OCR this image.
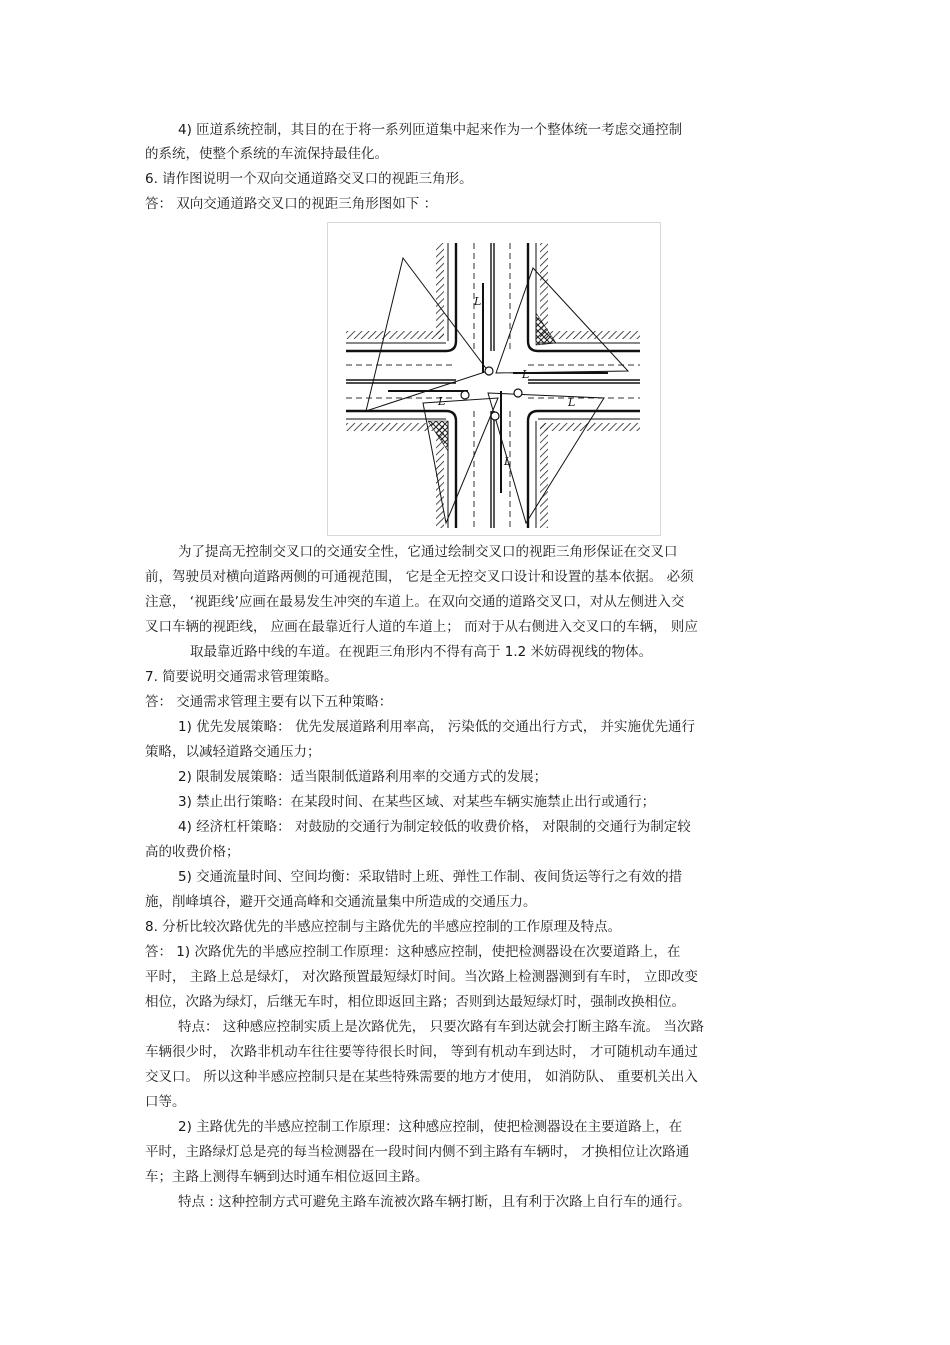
4) 匝道系统控制，其目的在于将一系列匝道集中起来作为一个整体统一考虑交通控制
的系统，使整个系统的车流保持最佳化。
6. 请作图说明一个双向交通道路交叉口的视距三角形。
答： 双向交通道路交叉口的视距三角形图如下 ：
L
L
L	L
L
为了提高无控制交叉口的交通安全性，它通过绘制交叉口的视距三角形保证在交叉口
前，驾驶员对横向道路两侧的可通视范围， 它是全无控交叉口设计和设置的基本依据。 必须
注意， ‘视距线’应画在最易发生冲突的车道上。在双向交通的道路交叉口，对从左侧进入交
叉口车辆的视距线， 应画在最靠近行人道的车道上； 而对于从右侧进入交叉口的车辆， 则应
取最靠近路中线的车道。在视距三角形内不得有高于 1.2 米妨碍视线的物体。
7. 简要说明交通需求管理策略。
答： 交通需求管理主要有以下五种策略：
1) 优先发展策略： 优先发展道路利用率高， 污染低的交通出行方式， 并实施优先通行
策略，以减轻道路交通压力；
2) 限制发展策略：适当限制低道路利用率的交通方式的发展；
3) 禁止出行策略：在某段时间、在某些区域、对某些车辆实施禁止出行或通行；
4) 经济杠杆策略： 对鼓励的交通行为制定较低的收费价格， 对限制的交通行为制定较
高的收费价格；
5) 交通流量时间、空间均衡：采取错时上班、弹性工作制、夜间货运等行之有效的措
施，削峰填谷，避开交通高峰和交通流量集中所造成的交通压力。
8. 分析比较次路优先的半感应控制与主路优先的半感应控制的工作原理及特点。
答： 1) 次路优先的半感应控制工作原理：这种感应控制，使把检测器设在次要道路上，在
平时， 主路上总是绿灯， 对次路预置最短绿灯时间。当次路上检测器测到有车时， 立即改变
相位，次路为绿灯，后继无车时，相位即返回主路；否则到达最短绿灯时，强制改换相位。
特点： 这种感应控制实质上是次路优先， 只要次路有车到达就会打断主路车流。 当次路
车辆很少时， 次路非机动车往往要等待很长时间， 等到有机动车到达时， 才可随机动车通过
交叉口。 所以这种半感应控制只是在某些特殊需要的地方才使用， 如消防队、 重要机关出入
口等。
2) 主路优先的半感应控制工作原理：这种感应控制，使把检测器设在主要道路上，在
平时，主路绿灯总是亮的每当检测器在一段时间内侧不到主路有车辆时， 才换相位让次路通
车；主路上测得车辆到达时通车相位返回主路。
特点 : 这种控制方式可避免主路车流被次路车辆打断，且有利于次路上自行车的通行。
